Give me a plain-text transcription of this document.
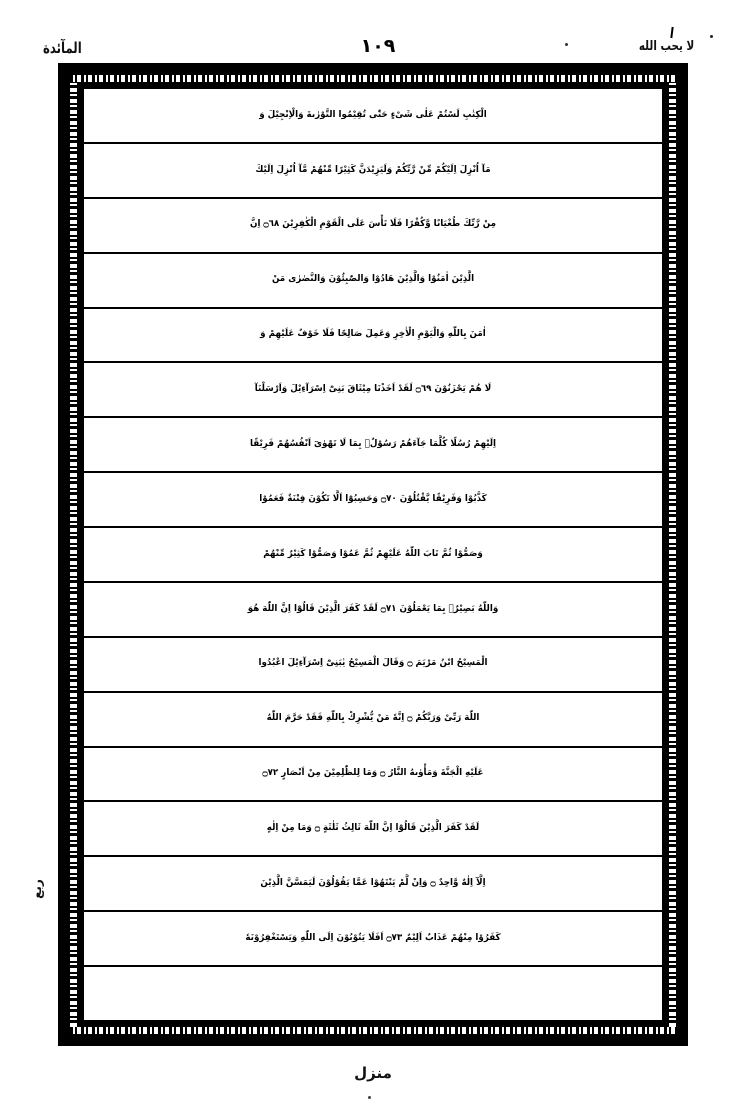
المآئدة	١٠٩	لا يحب الله
ربع
الْكِتٰبِ لَسْتُمْ عَلٰى شَىْءٍ حَتّٰى تُقِيْمُوا التَّوْرٰىةَ وَالْاِنْجِيْلَ وَ
مَآ اُنْزِلَ اِلَيْكُمْ مِّنْ رَّبِّكُمْ وَلَيَزِيْدَنَّ كَثِيْرًا مِّنْهُمْ مَّآ اُنْزِلَ اِلَيْكَ
مِنْ رَّبِّكَ طُغْيَانًا وَّكُفْرًا فَلَا تَأْسَ عَلَى الْقَوْمِ الْكٰفِرِيْنَ ۝٦٨ اِنَّ
الَّذِيْنَ اٰمَنُوْا وَالَّذِيْنَ هَادُوْا وَالصّٰبِئُوْنَ وَالنَّصٰرٰى مَنْ
اٰمَنَ بِاللّٰهِ وَالْيَوْمِ الْاٰخِرِ وَعَمِلَ صَالِحًا فَلَا خَوْفٌ عَلَيْهِمْ وَ
لَا هُمْ يَحْزَنُوْنَ ۝٦٩ لَقَدْ اَخَذْنَا مِيْثَاقَ بَنِىْٓ اِسْرَآءِيْلَ وَاَرْسَلْنَآ
اِلَيْهِمْ رُسُلًا كُلَّمَا جَآءَهُمْ رَسُوْلٌۢ بِمَا لَا تَهْوٰىٓ اَنْفُسُهُمْ فَرِيْقًا
كَذَّبُوْا وَفَرِيْقًا يَّقْتُلُوْنَ ۝٧٠ وَحَسِبُوْٓا اَلَّا تَكُوْنَ فِتْنَةٌ فَعَمُوْا
وَصَمُّوْا ثُمَّ تَابَ اللّٰهُ عَلَيْهِمْ ثُمَّ عَمُوْا وَصَمُّوْا كَثِيْرٌ مِّنْهُمْ
وَاللّٰهُ بَصِيْرٌۢ بِمَا يَعْمَلُوْنَ ۝٧١ لَقَدْ كَفَرَ الَّذِيْنَ قَالُوْٓا اِنَّ اللّٰهَ هُوَ
الْمَسِيْحُ ابْنُ مَرْيَمَ ۝ وَقَالَ الْمَسِيْحُ يٰبَنِىْٓ اِسْرَآءِيْلَ اعْبُدُوا
اللّٰهَ رَبِّىْ وَرَبَّكُمْ ۝ اِنَّهٗ مَنْ يُّشْرِكْ بِاللّٰهِ فَقَدْ حَرَّمَ اللّٰهُ
عَلَيْهِ الْجَنَّةَ وَمَأْوٰىهُ النَّارُ ۝ وَمَا لِلظّٰلِمِيْنَ مِنْ اَنْصَارٍ ۝٧٢
لَقَدْ كَفَرَ الَّذِيْنَ قَالُوْٓا اِنَّ اللّٰهَ ثَالِثُ ثَلٰثَةٍ ۝ وَمَا مِنْ اِلٰهٍ
اِلَّآ اِلٰهٌ وَّاحِدٌ ۝ وَاِنْ لَّمْ يَنْتَهُوْا عَمَّا يَقُوْلُوْنَ لَيَمَسَّنَّ الَّذِيْنَ
كَفَرُوْا مِنْهُمْ عَذَابٌ اَلِيْمٌ ۝٧٣ اَفَلَا يَتُوْبُوْنَ اِلَى اللّٰهِ وَيَسْتَغْفِرُوْنَهٗ
منزل
